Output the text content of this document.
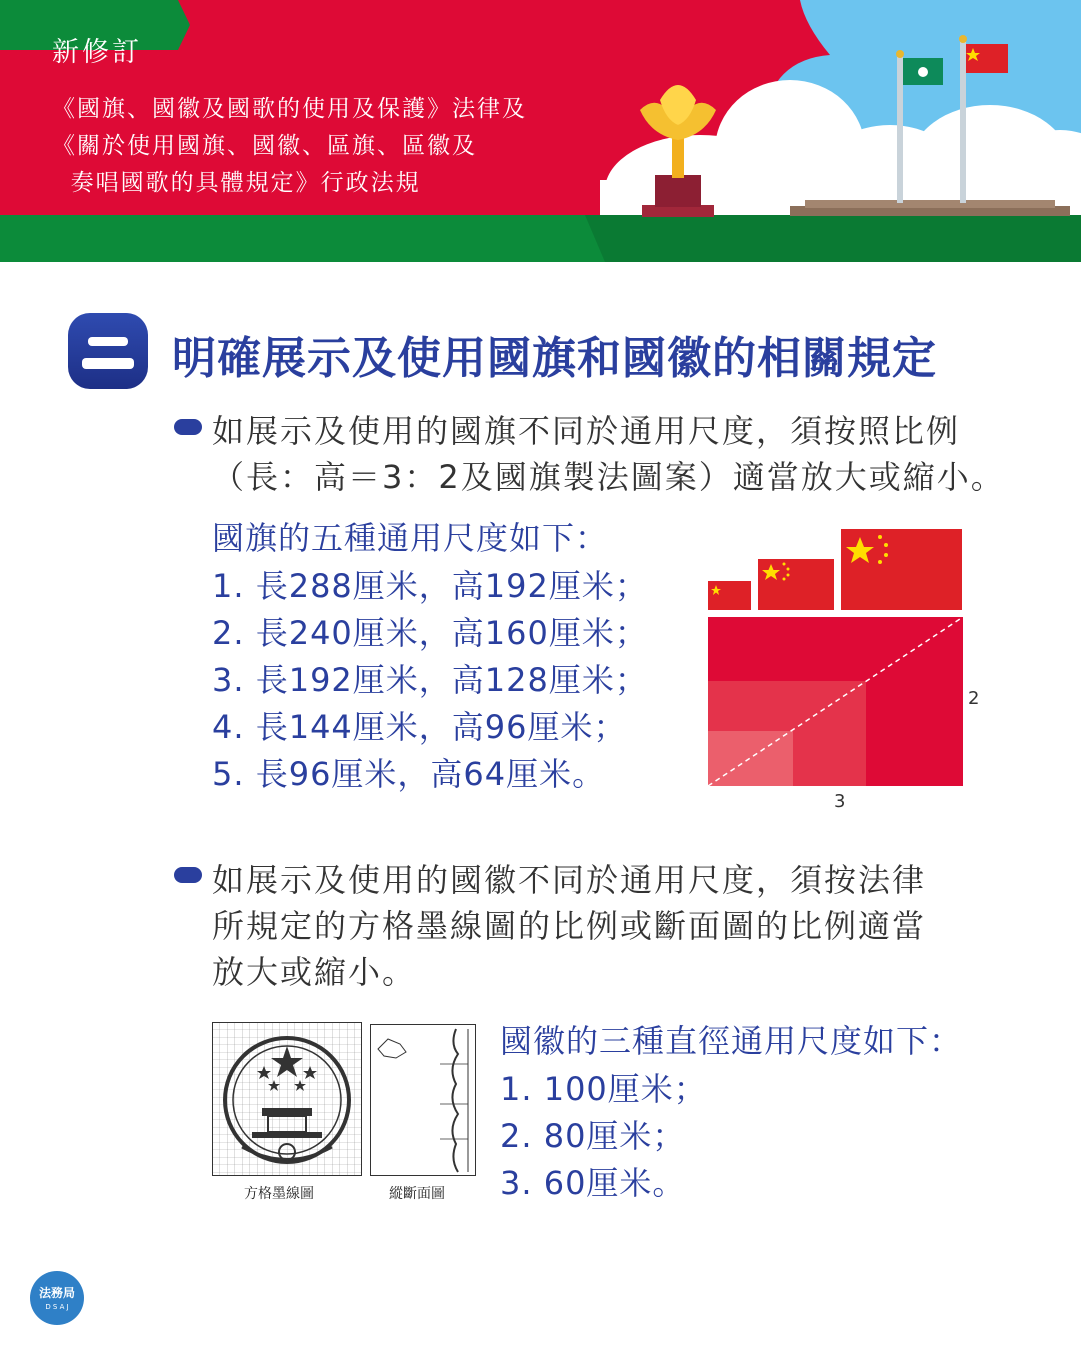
新修訂
《國旗、國徽及國歌的使用及保護》法律及
《關於使用國旗、國徽、區旗、區徽及
奏唱國歌的具體規定》行政法規
明確展示及使用國旗和國徽的相關規定
如展示及使用的國旗不同於通用尺度，須按照比例
（長：高＝3：2及國旗製法圖案）適當放大或縮小。
國旗的五種通用尺度如下：
1. 長288厘米，高192厘米；
2. 長240厘米，高160厘米；
3. 長192厘米，高128厘米；
4. 長144厘米，高96厘米；
5. 長96厘米，高64厘米。
2
3
如展示及使用的國徽不同於通用尺度，須按法律
所規定的方格墨線圖的比例或斷面圖的比例適當
放大或縮小。
方格墨線圖	縱斷面圖
國徽的三種直徑通用尺度如下：
1. 100厘米；
2. 80厘米；
3. 60厘米。
法務局
D S A J
